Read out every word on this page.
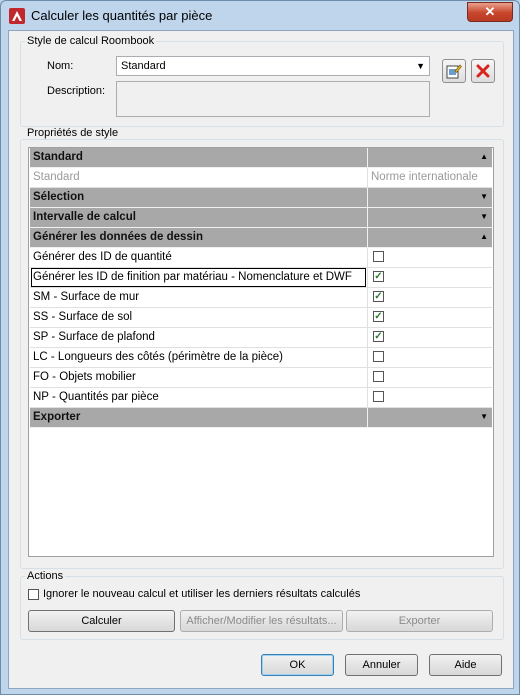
Calculer les quantités par pièce	✕
Style de calcul Roombook
Nom:	Standard	▼
Description:
Propriétés de style
Standard	▲
Standard	Norme internationale
Sélection	▼
Intervalle de calcul	▼
Générer les données de dessin	▲
Générer des ID de quantité
Générer les ID de finition par matériau - Nomenclature et DWF ✓
SM - Surface de mur	✓
SS - Surface de sol	✓
SP - Surface de plafond	✓
LC - Longueurs des côtés (périmètre de la pièce)
FO - Objets mobilier
NP - Quantités par pièce
Exporter	▼
Actions
Ignorer le nouveau calcul et utiliser les derniers résultats calculés
Calculer	Afficher/Modifier les résultats...	Exporter
OK	Annuler	Aide
